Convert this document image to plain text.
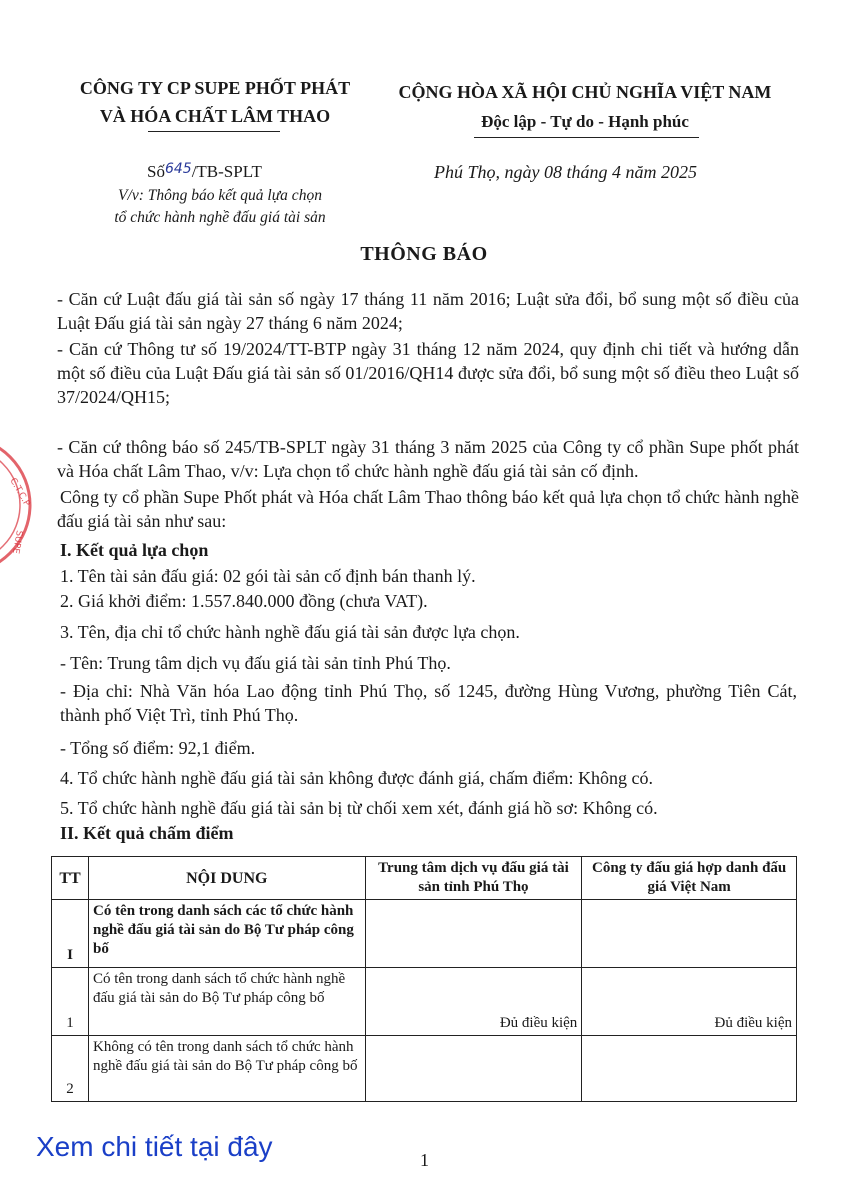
CÔNG TY CP SUPE PHỐT PHÁT
VÀ HÓA CHẤT LÂM THAO
CỘNG HÒA XÃ HỘI CHỦ NGHĨA VIỆT NAM
Độc lập - Tự do - Hạnh phúc
Số$^{645}$/TB-SPLT
V/v: Thông báo kết quả lựa chọn
tổ chức hành nghề đấu giá tài sản
Phú Thọ, ngày 08 tháng 4 năm 2025
THÔNG BÁO
- Căn cứ Luật đấu giá tài sản số ngày 17 tháng 11 năm 2016; Luật sửa đổi, bổ sung một số điều của Luật Đấu giá tài sản ngày 27 tháng 6 năm 2024;
- Căn cứ Thông tư số 19/2024/TT-BTP ngày 31 tháng 12 năm 2024, quy định chi tiết và hướng dẫn một số điều của Luật Đấu giá tài sản số 01/2016/QH14 được sửa đổi, bổ sung một số điều theo Luật số 37/2024/QH15;
- Căn cứ thông báo số 245/TB-SPLT ngày 31 tháng 3 năm 2025 của Công ty cổ phần Supe phốt phát và Hóa chất Lâm Thao, v/v: Lựa chọn tổ chức hành nghề đấu giá tài sản cố định.
Công ty cổ phần Supe Phốt phát và Hóa chất Lâm Thao thông báo kết quả lựa chọn tổ chức hành nghề đấu giá tài sản như sau:
I. Kết quả lựa chọn
1. Tên tài sản đấu giá: 02 gói tài sản cố định bán thanh lý.
2. Giá khởi điểm: 1.557.840.000 đồng (chưa VAT).
3. Tên, địa chỉ tổ chức hành nghề đấu giá tài sản được lựa chọn.
- Tên: Trung tâm dịch vụ đấu giá tài sản tỉnh Phú Thọ.
- Địa chỉ: Nhà Văn hóa Lao động tỉnh Phú Thọ, số 1245, đường Hùng Vương, phường Tiên Cát, thành phố Việt Trì, tỉnh Phú Thọ.
- Tổng số điểm: 92,1 điểm.
4. Tổ chức hành nghề đấu giá tài sản không được đánh giá, chấm điểm: Không có.
5. Tổ chức hành nghề đấu giá tài sản bị từ chối xem xét, đánh giá hồ sơ: Không có.
II. Kết quả chấm điểm
TT	NỘI DUNG	Trung tâm dịch vụ đấu giá tài sản tỉnh Phú Thọ	Công ty đấu giá hợp danh đấu giá Việt Nam
I	Có tên trong danh sách các tổ chức hành nghề đấu giá tài sản do Bộ Tư pháp công bố		
1	Có tên trong danh sách tổ chức hành nghề đấu giá tài sản do Bộ Tư pháp công bố	Đủ điều kiện	Đủ điều kiện
2	Không có tên trong danh sách tổ chức hành nghề đấu giá tài sản do Bộ Tư pháp công bố		
C.T.C.P
SUPE
Xem chi tiết tại đây	1
